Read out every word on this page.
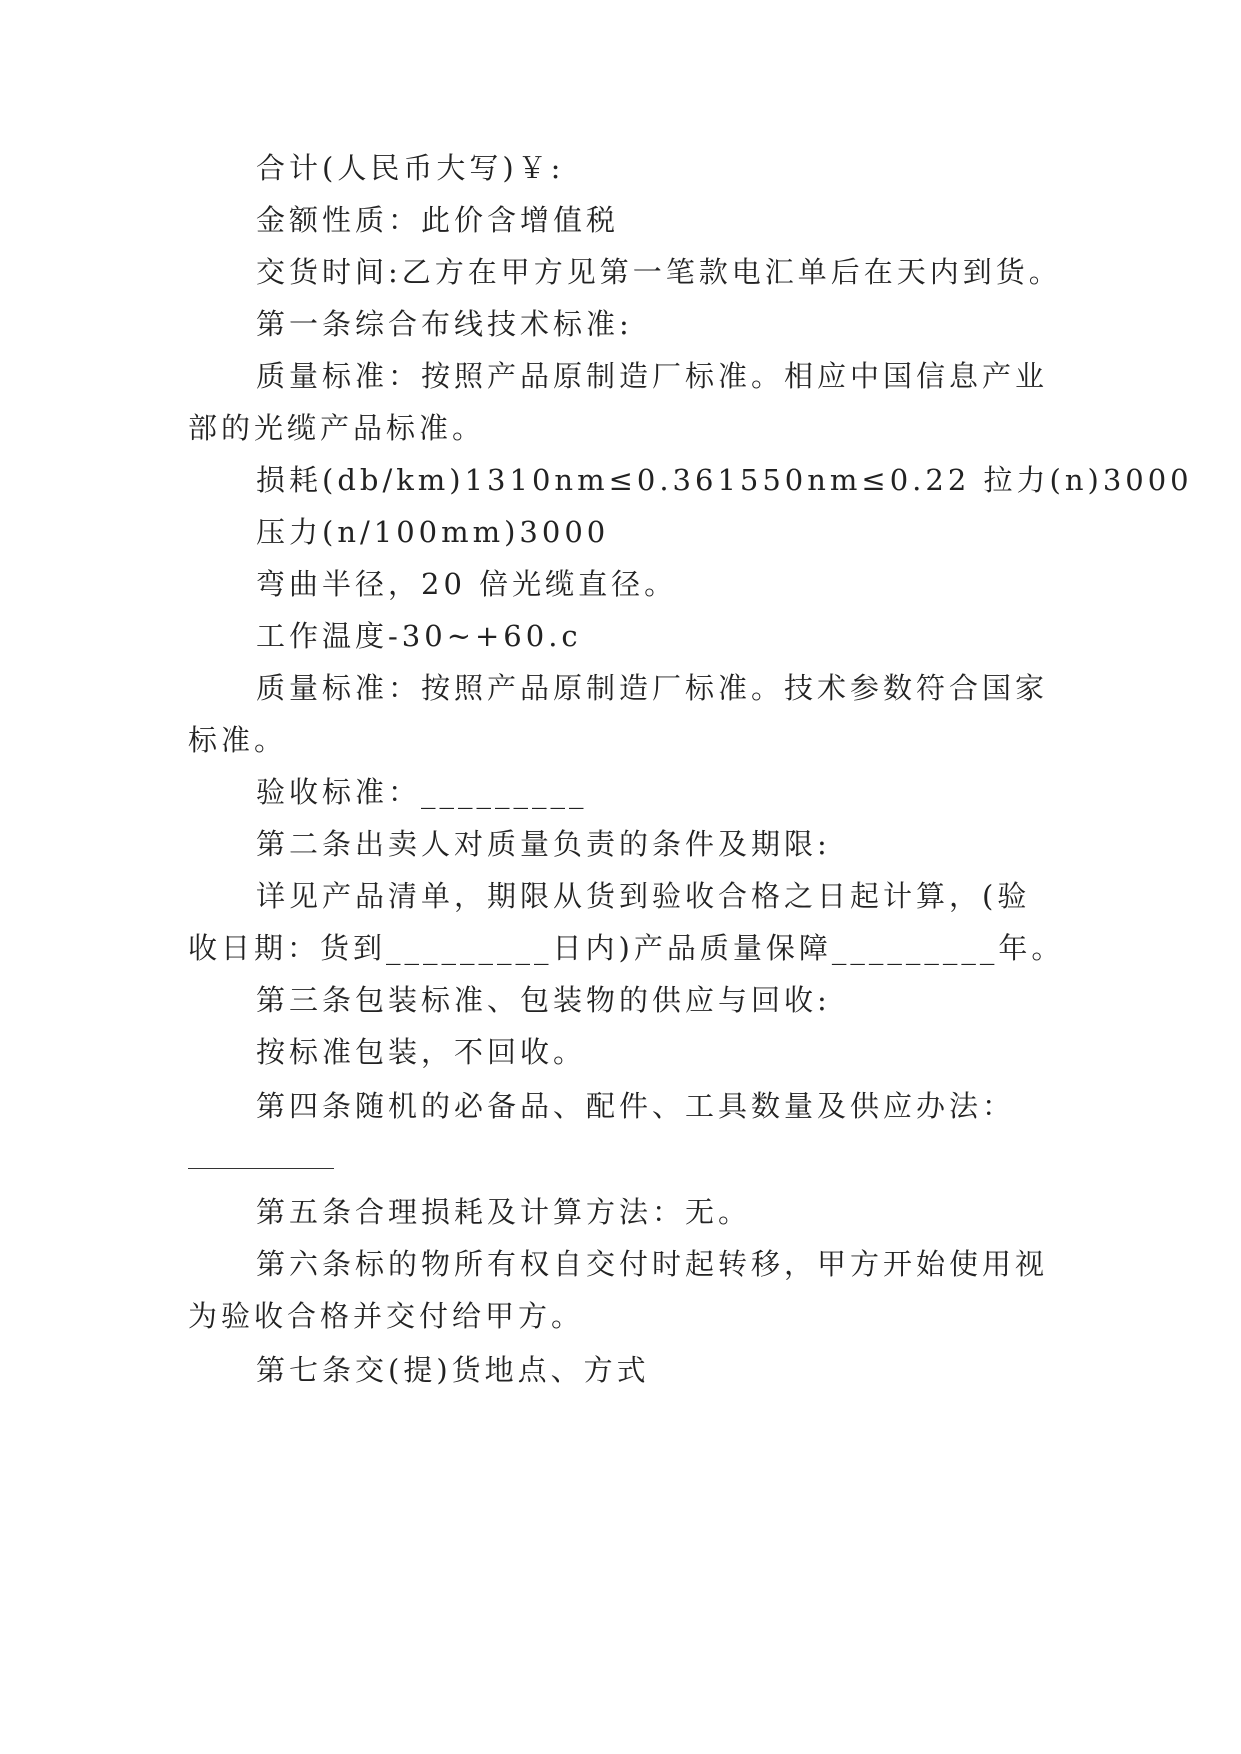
合计(人民币大写)￥:
金额性质：此价含增值税
交货时间:乙方在甲方见第一笔款电汇单后在天内到货。
第一条综合布线技术标准:
质量标准：按照产品原制造厂标准。相应中国信息产业
部的光缆产品标准。
损耗(db/km)1310nm≤0.361550nm≤0.22 拉力(n)3000
压力(n/100mm)3000
弯曲半径，20 倍光缆直径。
工作温度-30~+60.c
质量标准：按照产品原制造厂标准。技术参数符合国家
标准。
验收标准：_________
第二条出卖人对质量负责的条件及期限:
详见产品清单，期限从货到验收合格之日起计算，(验
收日期：货到_________日内)产品质量保障_________年。
第三条包装标准、包装物的供应与回收:
按标准包装，不回收。
第四条随机的必备品、配件、工具数量及供应办法：
第五条合理损耗及计算方法：无。
第六条标的物所有权自交付时起转移，甲方开始使用视
为验收合格并交付给甲方。
第七条交(提)货地点、方式
